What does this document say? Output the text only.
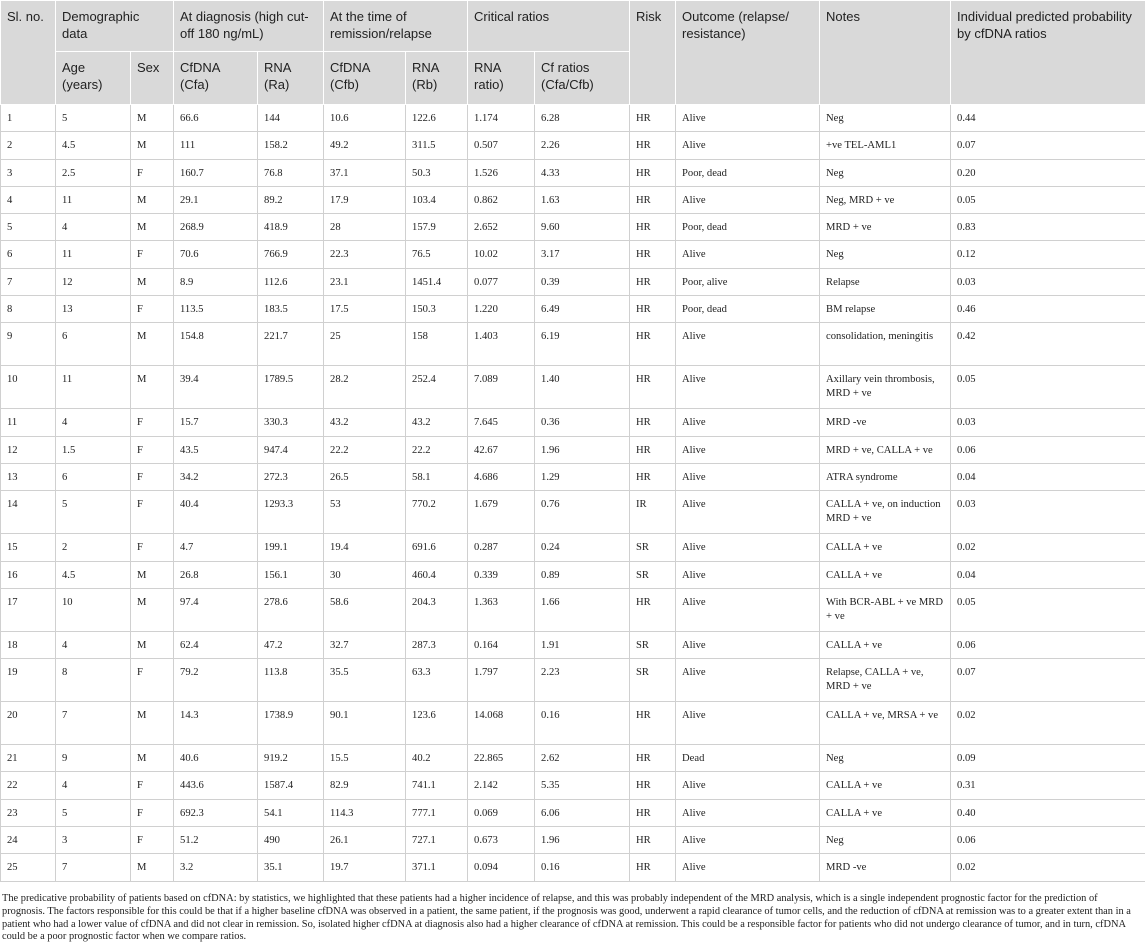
Sl. no.	Demographic data		At diagnosis (high cut-off 180 ng/mL)		At the time of remission/relapse		Critical ratios		Risk	Outcome (relapse/ resistance)	Notes	Individual predicted probability by cfDNA ratios
	Age (years)	Sex	CfDNA (Cfa)	RNA (Ra)	CfDNA (Cfb)	RNA (Rb)	RNA ratio)	Cf ratios (Cfa/Cfb)				
1	5	M	66.6	144	10.6	122.6	1.174	6.28	HR	Alive	Neg	0.44
2	4.5	M	111	158.2	49.2	311.5	0.507	2.26	HR	Alive	+ve TEL-AML1	0.07
3	2.5	F	160.7	76.8	37.1	50.3	1.526	4.33	HR	Poor, dead	Neg	0.20
4	11	M	29.1	89.2	17.9	103.4	0.862	1.63	HR	Alive	Neg, MRD + ve	0.05
5	4	M	268.9	418.9	28	157.9	2.652	9.60	HR	Poor, dead	MRD + ve	0.83
6	11	F	70.6	766.9	22.3	76.5	10.02	3.17	HR	Alive	Neg	0.12
7	12	M	8.9	112.6	23.1	1451.4	0.077	0.39	HR	Poor, alive	Relapse	0.03
8	13	F	113.5	183.5	17.5	150.3	1.220	6.49	HR	Poor, dead	BM relapse	0.46
9	6	M	154.8	221.7	25	158	1.403	6.19	HR	Alive	consolidation, meningitis	0.42
10	11	M	39.4	1789.5	28.2	252.4	7.089	1.40	HR	Alive	Axillary vein thrombosis, MRD + ve	0.05
11	4	F	15.7	330.3	43.2	43.2	7.645	0.36	HR	Alive	MRD -ve	0.03
12	1.5	F	43.5	947.4	22.2	22.2	42.67	1.96	HR	Alive	MRD + ve, CALLA + ve	0.06
13	6	F	34.2	272.3	26.5	58.1	4.686	1.29	HR	Alive	ATRA syndrome	0.04
14	5	F	40.4	1293.3	53	770.2	1.679	0.76	IR	Alive	CALLA + ve, on induction MRD + ve	0.03
15	2	F	4.7	199.1	19.4	691.6	0.287	0.24	SR	Alive	CALLA + ve	0.02
16	4.5	M	26.8	156.1	30	460.4	0.339	0.89	SR	Alive	CALLA + ve	0.04
17	10	M	97.4	278.6	58.6	204.3	1.363	1.66	HR	Alive	With BCR-ABL + ve MRD + ve	0.05
18	4	M	62.4	47.2	32.7	287.3	0.164	1.91	SR	Alive	CALLA + ve	0.06
19	8	F	79.2	113.8	35.5	63.3	1.797	2.23	SR	Alive	Relapse, CALLA + ve, MRD + ve	0.07
20	7	M	14.3	1738.9	90.1	123.6	14.068	0.16	HR	Alive	CALLA + ve, MRSA + ve	0.02
21	9	M	40.6	919.2	15.5	40.2	22.865	2.62	HR	Dead	Neg	0.09
22	4	F	443.6	1587.4	82.9	741.1	2.142	5.35	HR	Alive	CALLA + ve	0.31
23	5	F	692.3	54.1	114.3	777.1	0.069	6.06	HR	Alive	CALLA + ve	0.40
24	3	F	51.2	490	26.1	727.1	0.673	1.96	HR	Alive	Neg	0.06
25	7	M	3.2	35.1	19.7	371.1	0.094	0.16	HR	Alive	MRD -ve	0.02

The predicative probability of patients based on cfDNA: by statistics, we highlighted that these patients had a higher incidence of relapse, and this was probably independent of the MRD analysis, which is a single independent prognostic factor for the prediction of prognosis. The factors responsible for this could be that if a higher baseline cfDNA was observed in a patient, the same patient, if the prognosis was good, underwent a rapid clearance of tumor cells, and the reduction of cfDNA at remission was to a greater extent than in a patient who had a lower value of cfDNA and did not clear in remission. So, isolated higher cfDNA at diagnosis also had a higher clearance of cfDNA at remission. This could be a responsible factor for patients who did not undergo clearance of tumor, and in turn, cfDNA could be a poor prognostic factor when we compare ratios.
